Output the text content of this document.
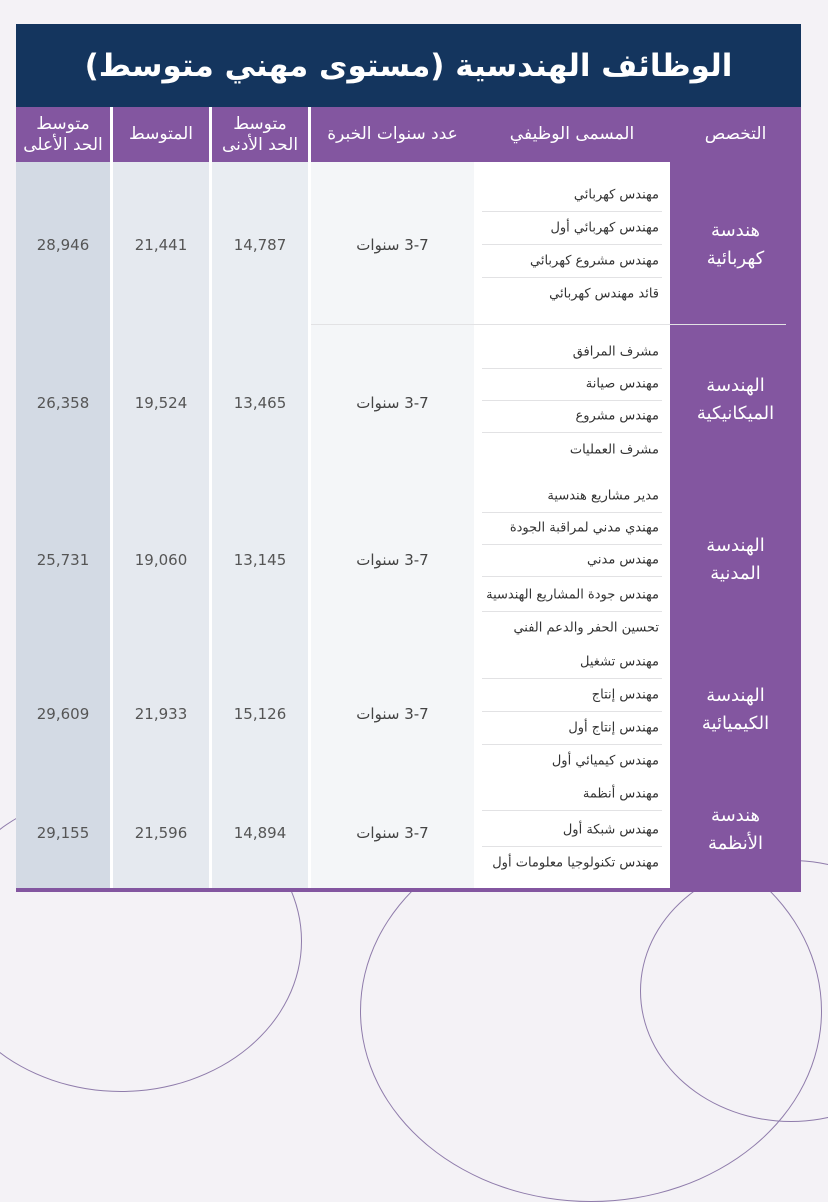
الوظائف الهندسية (مستوى مهني متوسط)
متوسط
الحد الأعلى
المتوسط
متوسط
الحد الأدنى
عدد سنوات الخبرة	المسمى الوظيفي	التخصص
هندسة
كهربائية
مهندس كهربائي
مهندس كهربائي أول
مهندس مشروع كهربائي
قائد مهندس كهربائي
3-7 سنوات
14,787
21,441
28,946
الهندسة
الميكانيكية
مشرف المرافق
مهندس صيانة
مهندس مشروع
مشرف العمليات
3-7 سنوات
13,465
19,524
26,358
الهندسة
المدنية
مدير مشاريع هندسية
مهندي مدني لمراقبة الجودة
مهندس مدني
مهندس جودة المشاريع الهندسية
تحسين الحفر والدعم الفني
3-7 سنوات
13,145
19,060
25,731
الهندسة
الكيميائية
مهندس تشغيل
مهندس إنتاج
مهندس إنتاج أول
مهندس كيميائي أول
3-7 سنوات
15,126
21,933
29,609
هندسة
الأنظمة
مهندس أنظمة
مهندس شبكة أول
مهندس تكنولوجيا معلومات أول
3-7 سنوات
14,894
21,596
29,155
